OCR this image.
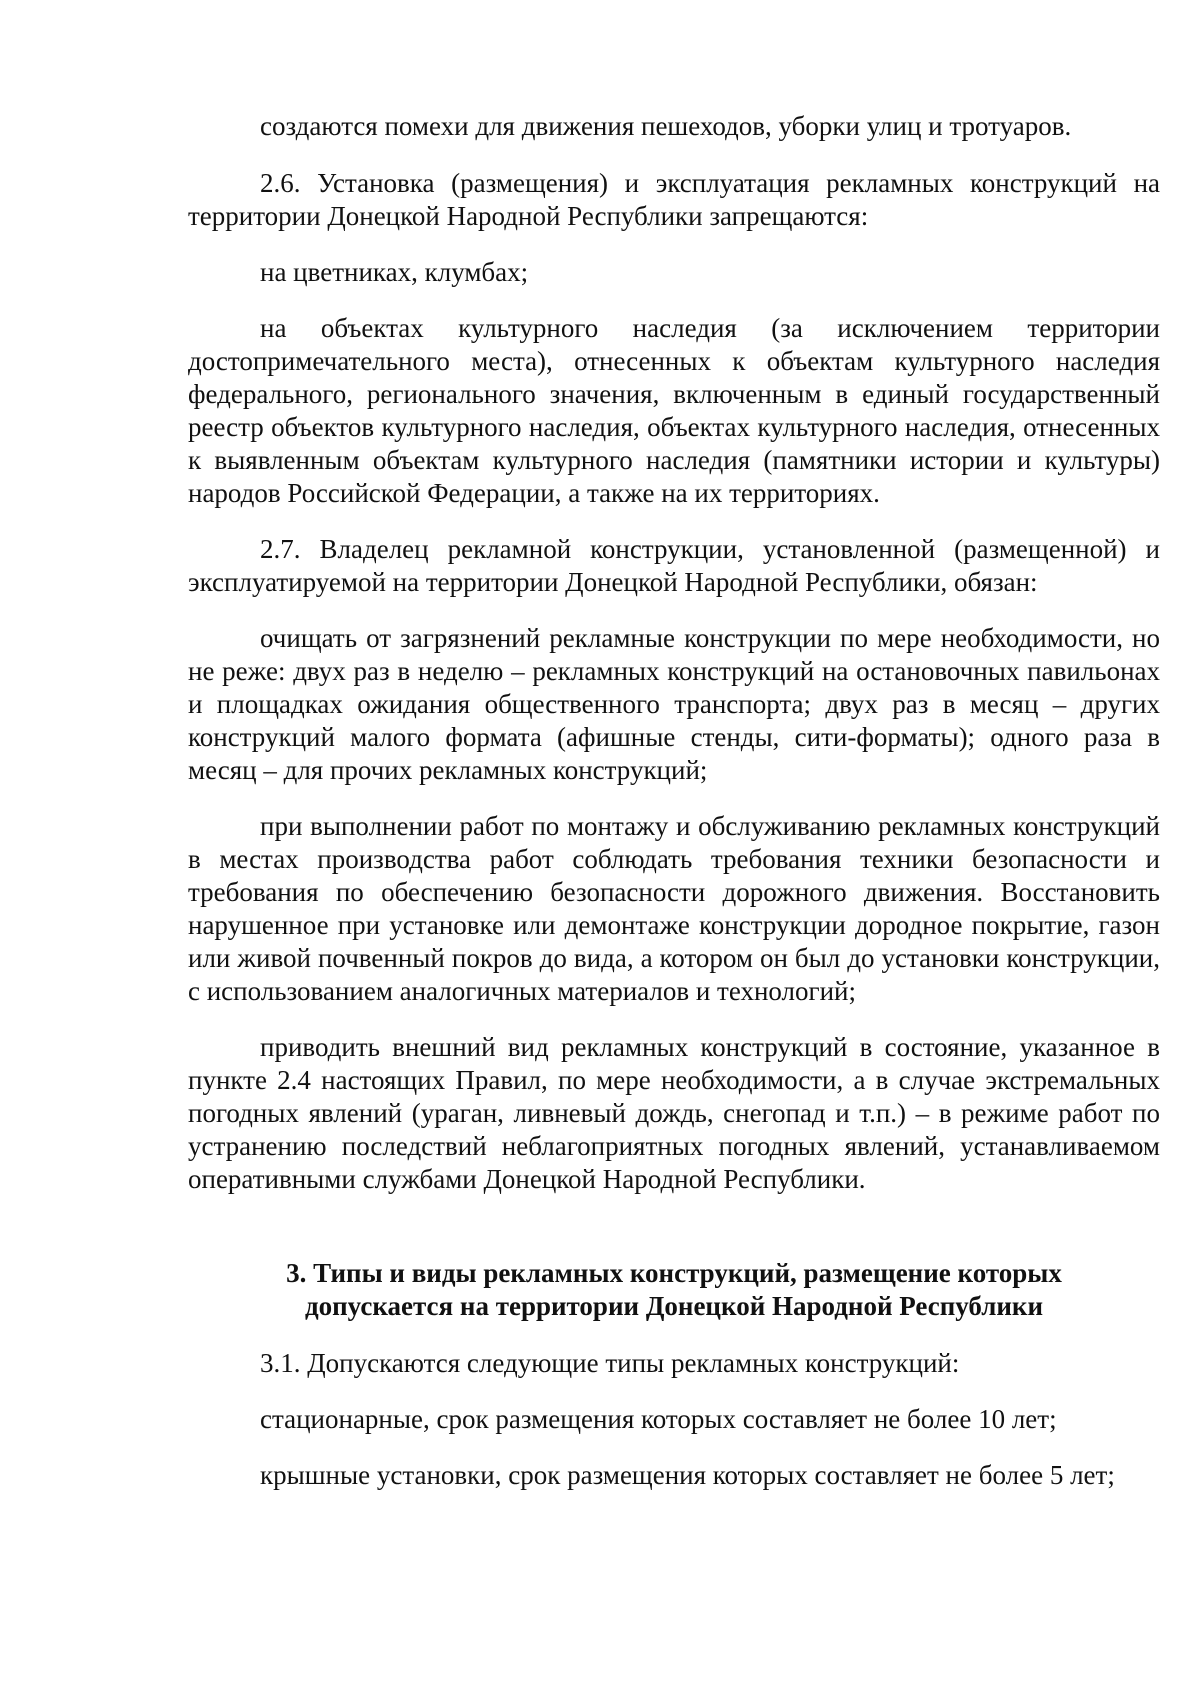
создаются помехи для движения пешеходов, уборки улиц и тротуаров.

2.6. Установка (размещения) и эксплуатация рекламных конструкций на территории Донецкой Народной Республики запрещаются:

на цветниках, клумбах;

на объектах культурного наследия (за исключением территории достопримечательного места), отнесенных к объектам культурного наследия федерального, регионального значения, включенным в единый государственный реестр объектов культурного наследия, объектах культурного наследия, отнесенных к выявленным объектам культурного наследия (памятники истории и культуры) народов Российской Федерации, а также на их территориях.

2.7. Владелец рекламной конструкции, установленной (размещенной) и эксплуатируемой на территории Донецкой Народной Республики, обязан:

очищать от загрязнений рекламные конструкции по мере необходимости, но не реже: двух раз в неделю – рекламных конструкций на остановочных павильонах и площадках ожидания общественного транспорта; двух раз в месяц – других конструкций малого формата (афишные стенды, сити-форматы); одного раза в месяц – для прочих рекламных конструкций;

при выполнении работ по монтажу и обслуживанию рекламных конструкций в местах производства работ соблюдать требования техники безопасности и требования по обеспечению безопасности дорожного движения. Восстановить нарушенное при установке или демонтаже конструкции дородное покрытие, газон или живой почвенный покров до вида, а котором он был до установки конструкции, с использованием аналогичных материалов и технологий;

приводить внешний вид рекламных конструкций в состояние, указанное в пункте 2.4 настоящих Правил, по мере необходимости, а в случае экстремальных погодных явлений (ураган, ливневый дождь, снегопад и т.п.) – в режиме работ по устранению последствий неблагоприятных погодных явлений, устанавливаемом оперативными службами Донецкой Народной Республики.

3. Типы и виды рекламных конструкций, размещение которых
допускается на территории Донецкой Народной Республики

3.1. Допускаются следующие типы рекламных конструкций:

стационарные, срок размещения которых составляет не более 10 лет;

крышные установки, срок размещения которых составляет не более 5 лет;
